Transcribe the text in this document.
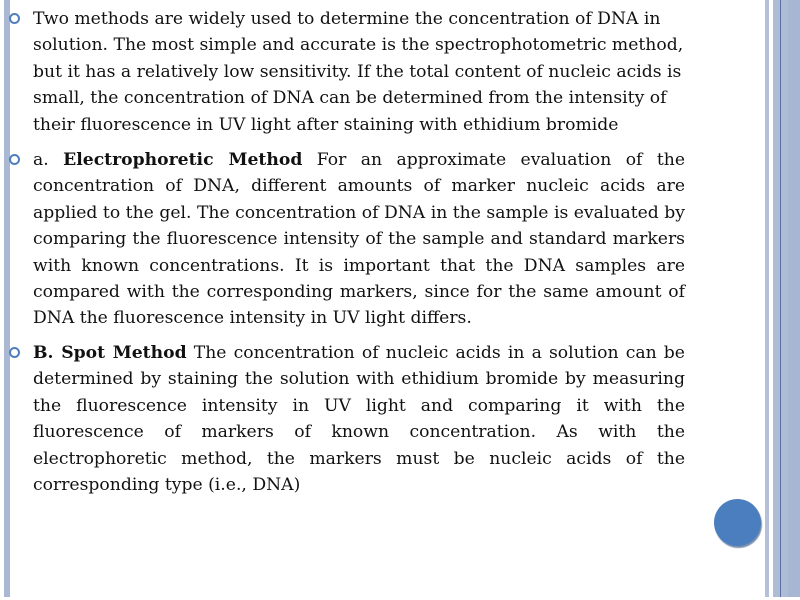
Two methods are widely used to determine the concentration of DNA in solution. The most simple and accurate is the spectrophotometric method, but it has a relatively low sensitivity. If the total content of nucleic acids is small, the concentration of DNA can be determined from the intensity of their fluorescence in UV light after staining with ethidium bromide

a. Electrophoretic Method For an approximate evaluation of the concentration of DNA, different amounts of marker nucleic acids are applied to the gel. The concentration of DNA in the sample is evaluated by comparing the fluorescence intensity of the sample and standard markers with known concentrations. It is important that the DNA samples are compared with the corresponding markers, since for the same amount of DNA the fluorescence intensity in UV light differs.

B. Spot Method The concentration of nucleic acids in a solution can be determined by staining the solution with ethidium bromide by measuring the fluorescence intensity in UV light and comparing it with the fluorescence of markers of known concentration. As with the electrophoretic method, the markers must be nucleic acids of the corresponding type (i.e., DNA)
